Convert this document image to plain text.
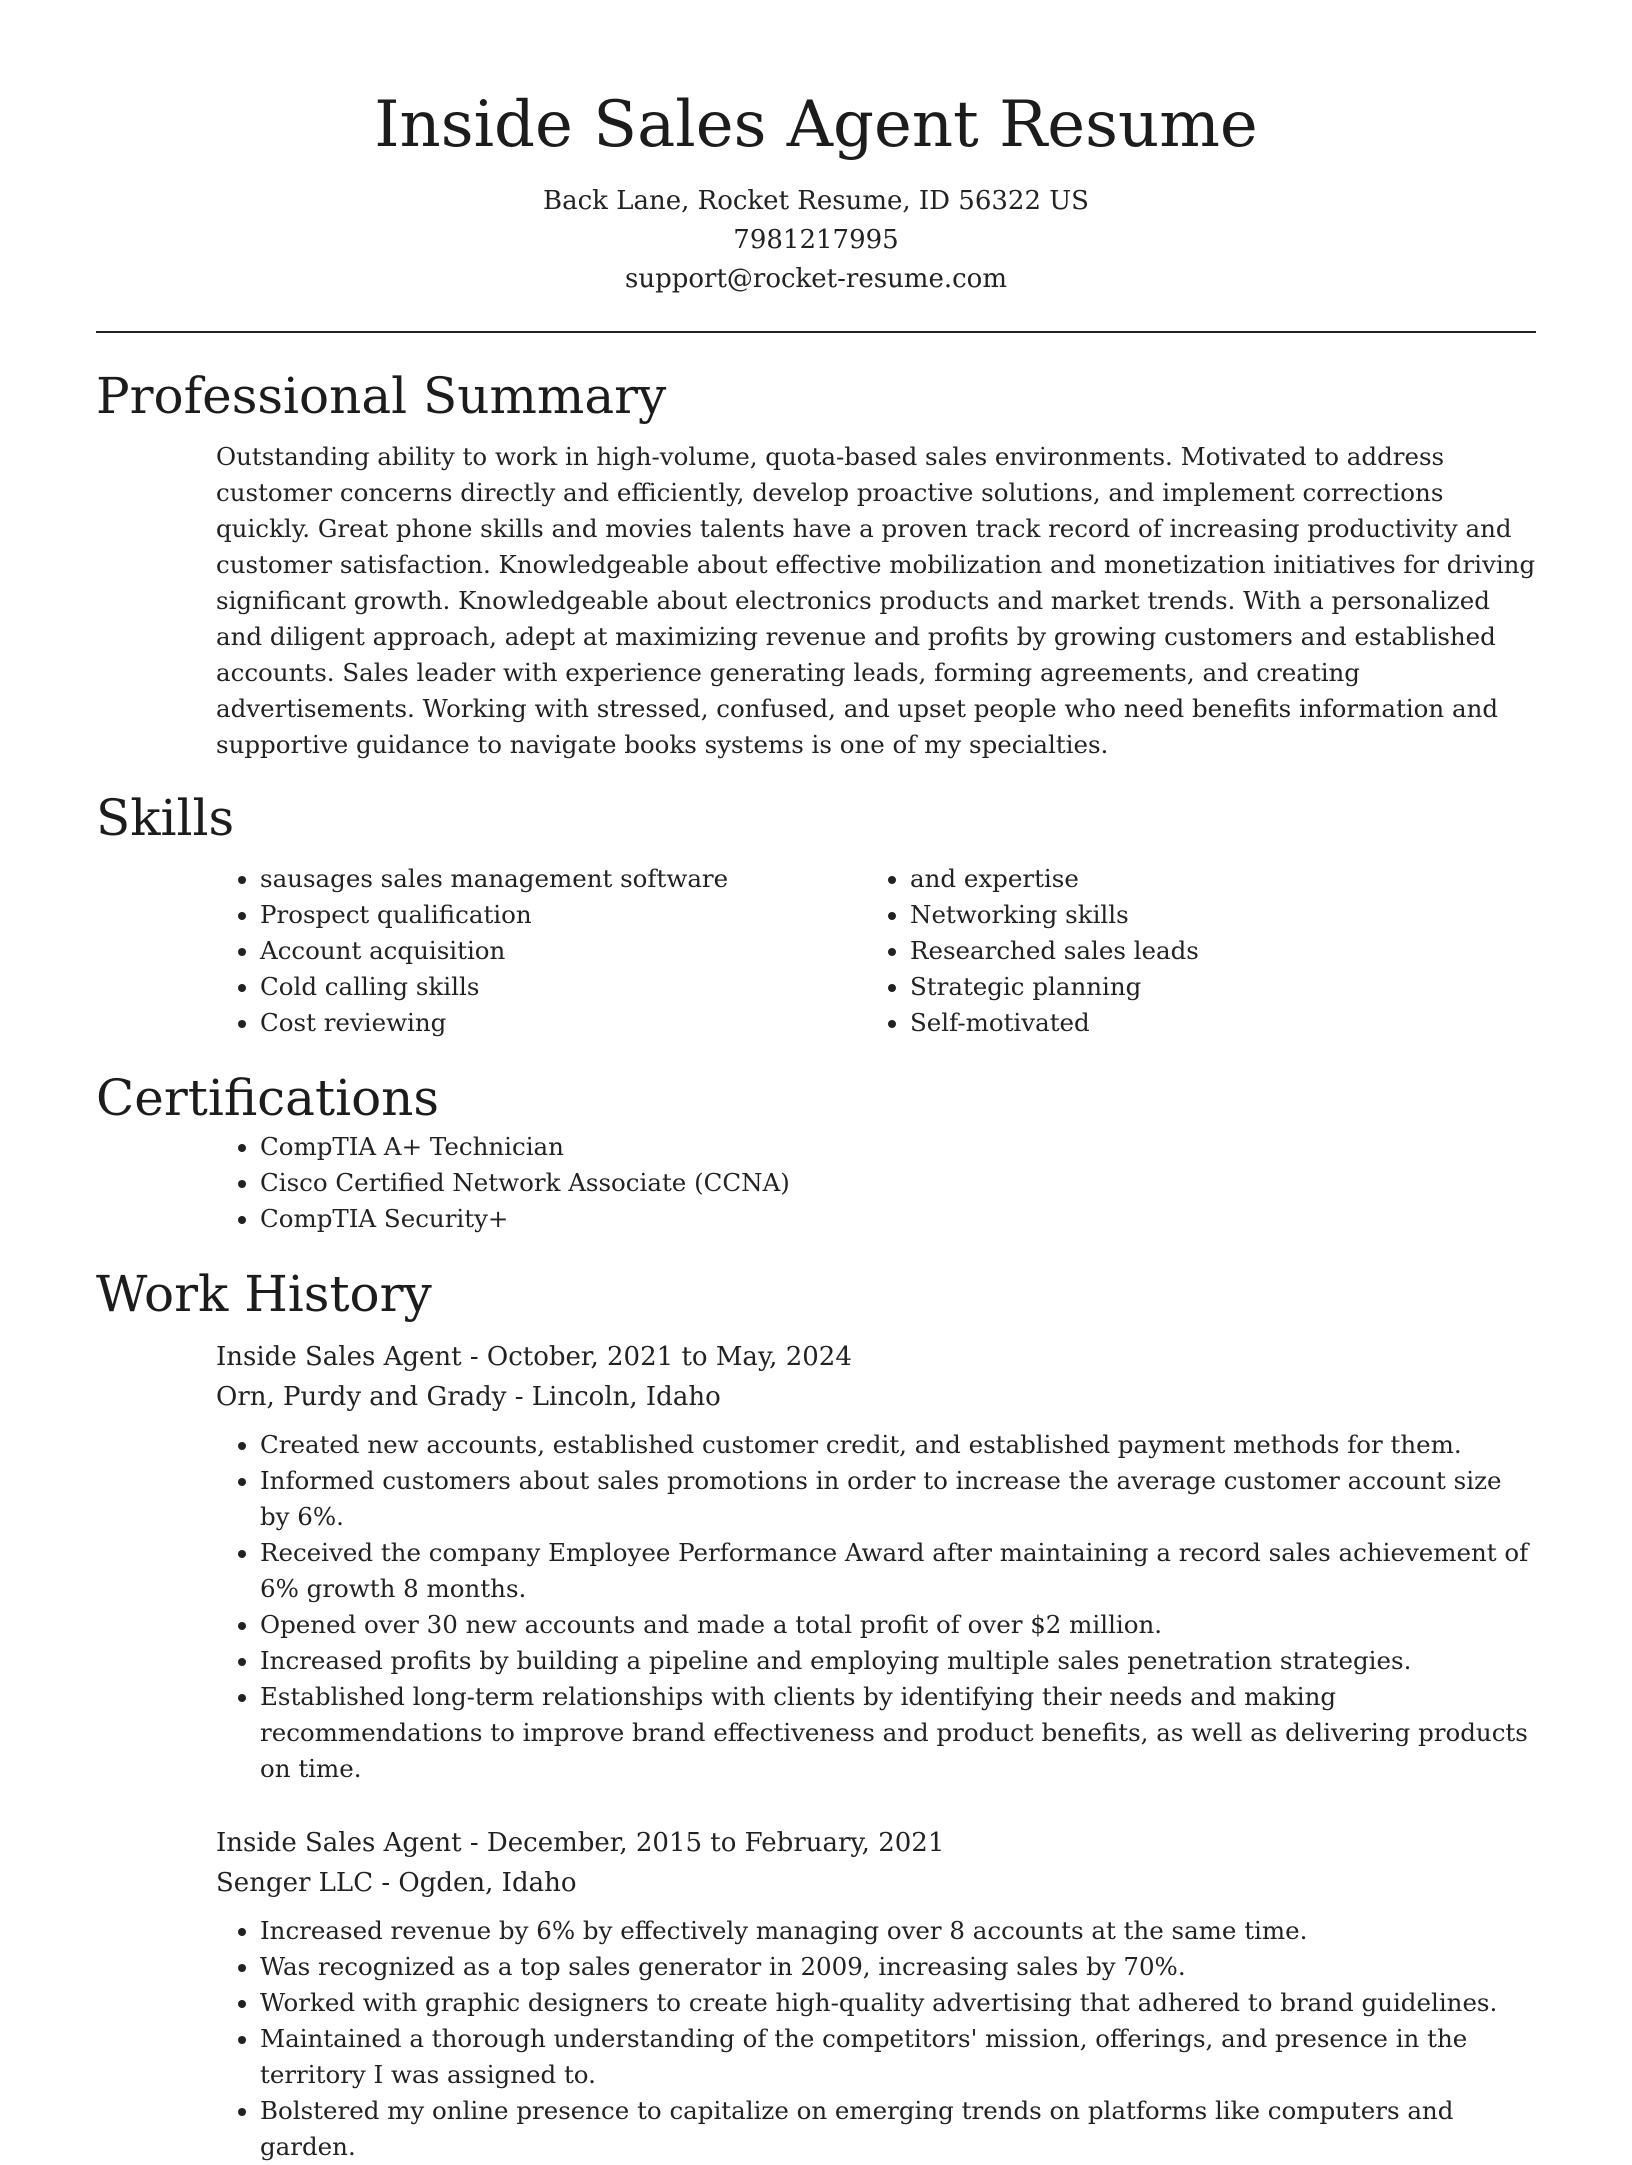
Inside Sales Agent Resume
Back Lane, Rocket Resume, ID 56322 US
7981217995
support@rocket-resume.com
Professional Summary

Outstanding ability to work in high-volume, quota-based sales environments. Motivated to address customer concerns directly and efficiently, develop proactive solutions, and implement corrections quickly. Great phone skills and movies talents have a proven track record of increasing productivity and customer satisfaction. Knowledgeable about effective mobilization and monetization initiatives for driving significant growth. Knowledgeable about electronics products and market trends. With a personalized and diligent approach, adept at maximizing revenue and profits by growing customers and established accounts. Sales leader with experience generating leads, forming agreements, and creating advertisements. Working with stressed, confused, and upset people who need benefits information and supportive guidance to navigate books systems is one of my specialties.

Skills
• sausages sales management software
• Prospect qualification
• Account acquisition
• Cold calling skills
• Cost reviewing
• and expertise
• Networking skills
• Researched sales leads
• Strategic planning
• Self-motivated
Certifications
• CompTIA A+ Technician
• Cisco Certified Network Associate (CCNA)
• CompTIA Security+
Work History
Inside Sales Agent - October, 2021 to May, 2024
Orn, Purdy and Grady - Lincoln, Idaho
• Created new accounts, established customer credit, and established payment methods for them.
• Informed customers about sales promotions in order to increase the average customer account size by 6%.
• Received the company Employee Performance Award after maintaining a record sales achievement of 6% growth 8 months.
• Opened over 30 new accounts and made a total profit of over $2 million.
• Increased profits by building a pipeline and employing multiple sales penetration strategies.
• Established long-term relationships with clients by identifying their needs and making recommendations to improve brand effectiveness and product benefits, as well as delivering products on time.
Inside Sales Agent - December, 2015 to February, 2021
Senger LLC - Ogden, Idaho
• Increased revenue by 6% by effectively managing over 8 accounts at the same time.
• Was recognized as a top sales generator in 2009, increasing sales by 70%.
• Worked with graphic designers to create high-quality advertising that adhered to brand guidelines.
• Maintained a thorough understanding of the competitors' mission, offerings, and presence in the territory I was assigned to.
• Bolstered my online presence to capitalize on emerging trends on platforms like computers and garden.
